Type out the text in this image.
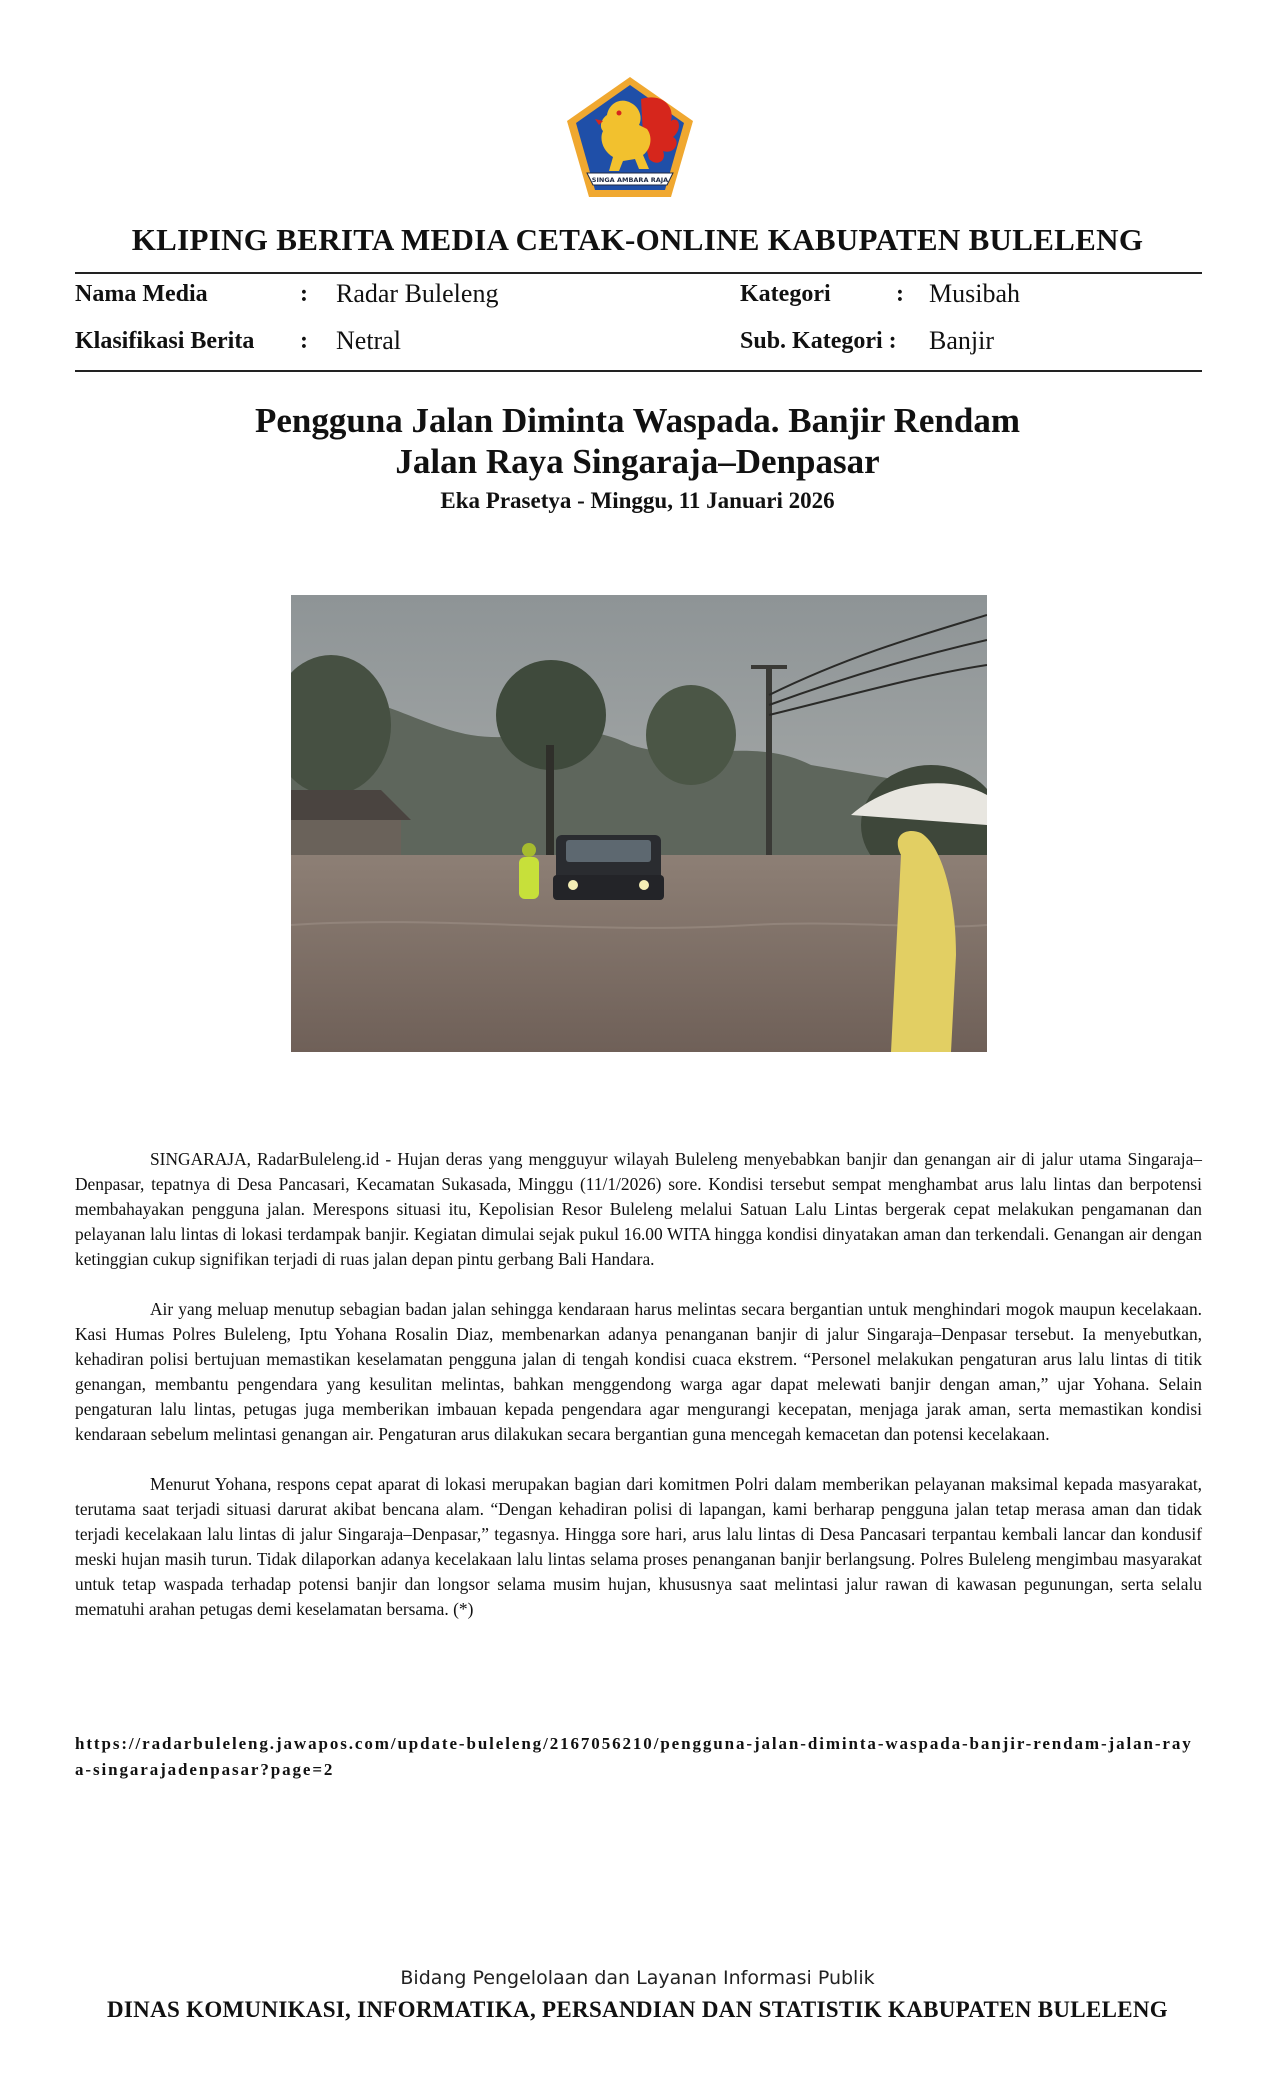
SINGA AMBARA RAJA
KLIPING BERITA MEDIA CETAK-ONLINE KABUPATEN BULELENG
Nama Media	: Radar Buleleng	Kategori	: Musibah
Klasifikasi Berita : Netral	Sub. Kategori : Banjir
Pengguna Jalan Diminta Waspada. Banjir Rendam
Jalan Raya Singaraja–Denpasar
Eka Prasetya - Minggu, 11 Januari 2026

SINGARAJA, RadarBuleleng.id - Hujan deras yang mengguyur wilayah Buleleng menyebabkan banjir dan genangan air di jalur utama Singaraja–Denpasar, tepatnya di Desa Pancasari, Kecamatan Sukasada, Minggu (11/1/2026) sore. Kondisi tersebut sempat menghambat arus lalu lintas dan berpotensi membahayakan pengguna jalan. Merespons situasi itu, Kepolisian Resor Buleleng melalui Satuan Lalu Lintas bergerak cepat melakukan pengamanan dan pelayanan lalu lintas di lokasi terdampak banjir. Kegiatan dimulai sejak pukul 16.00 WITA hingga kondisi dinyatakan aman dan terkendali. Genangan air dengan ketinggian cukup signifikan terjadi di ruas jalan depan pintu gerbang Bali Handara.

Air yang meluap menutup sebagian badan jalan sehingga kendaraan harus melintas secara bergantian untuk menghindari mogok maupun kecelakaan. Kasi Humas Polres Buleleng, Iptu Yohana Rosalin Diaz, membenarkan adanya penanganan banjir di jalur Singaraja–Denpasar tersebut. Ia menyebutkan, kehadiran polisi bertujuan memastikan keselamatan pengguna jalan di tengah kondisi cuaca ekstrem. “Personel melakukan pengaturan arus lalu lintas di titik genangan, membantu pengendara yang kesulitan melintas, bahkan menggendong warga agar dapat melewati banjir dengan aman,” ujar Yohana. Selain pengaturan lalu lintas, petugas juga memberikan imbauan kepada pengendara agar mengurangi kecepatan, menjaga jarak aman, serta memastikan kondisi kendaraan sebelum melintasi genangan air. Pengaturan arus dilakukan secara bergantian guna mencegah kemacetan dan potensi kecelakaan.

Menurut Yohana, respons cepat aparat di lokasi merupakan bagian dari komitmen Polri dalam memberikan pelayanan maksimal kepada masyarakat, terutama saat terjadi situasi darurat akibat bencana alam. “Dengan kehadiran polisi di lapangan, kami berharap pengguna jalan tetap merasa aman dan tidak terjadi kecelakaan lalu lintas di jalur Singaraja–Denpasar,” tegasnya. Hingga sore hari, arus lalu lintas di Desa Pancasari terpantau kembali lancar dan kondusif meski hujan masih turun. Tidak dilaporkan adanya kecelakaan lalu lintas selama proses penanganan banjir berlangsung. Polres Buleleng mengimbau masyarakat untuk tetap waspada terhadap potensi banjir dan longsor selama musim hujan, khususnya saat melintasi jalur rawan di kawasan pegunungan, serta selalu mematuhi arahan petugas demi keselamatan bersama. (*)

https://radarbuleleng.jawapos.com/update-buleleng/2167056210/pengguna-jalan-diminta-waspada-banjir-rendam-jalan-raya-singarajadenpasar?page=2
Bidang Pengelolaan dan Layanan Informasi Publik
DINAS KOMUNIKASI, INFORMATIKA, PERSANDIAN DAN STATISTIK KABUPATEN BULELENG
